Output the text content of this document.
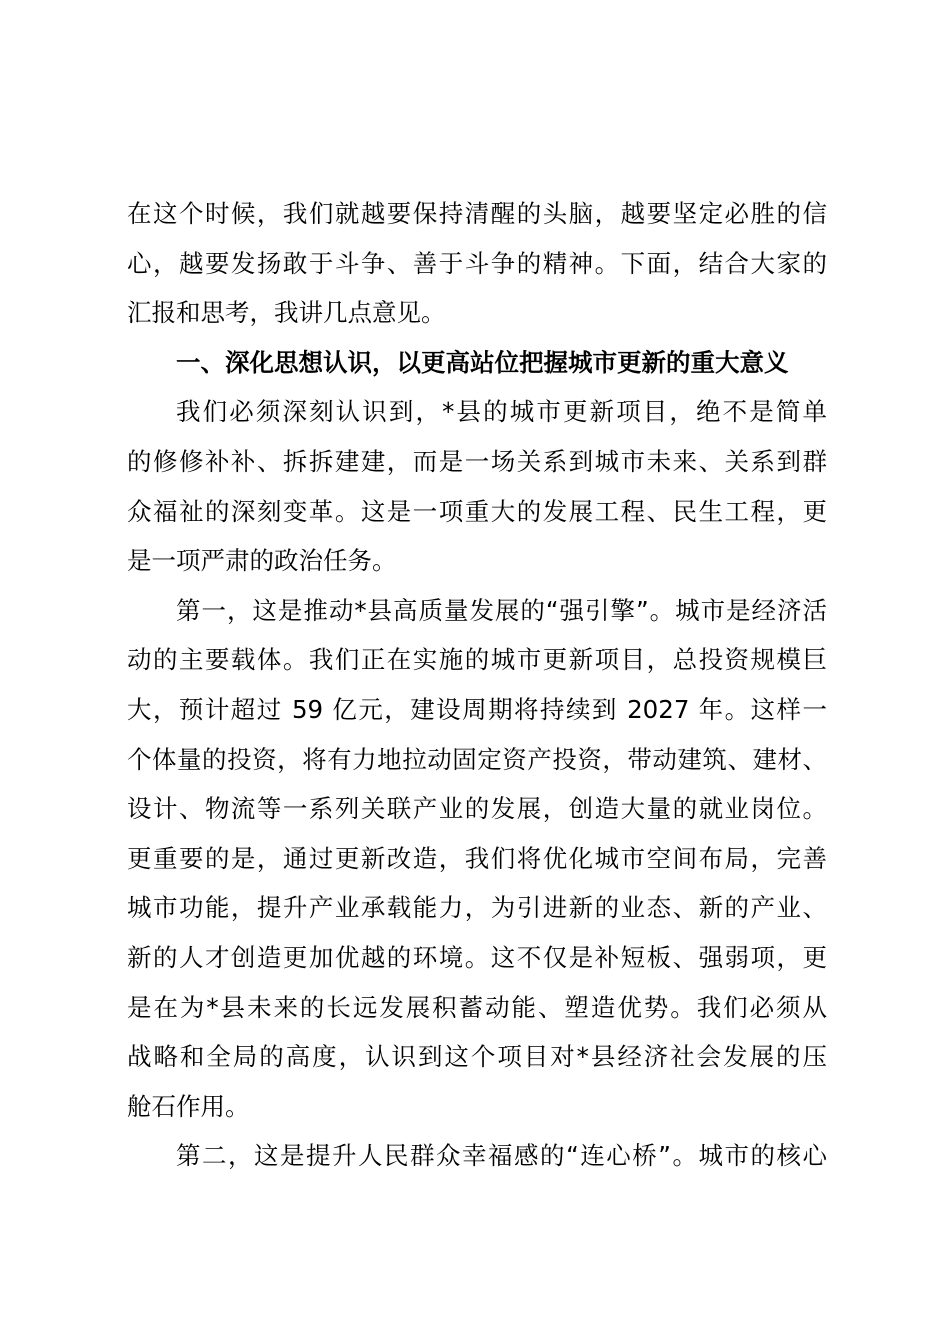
在这个时候，我们就越要保持清醒的头脑，越要坚定必胜的信
心，越要发扬敢于斗争、善于斗争的精神。下面，结合大家的
汇报和思考，我讲几点意见。
一、深化思想认识，以更高站位把握城市更新的重大意义
我们必须深刻认识到，*县的城市更新项目，绝不是简单
的修修补补、拆拆建建，而是一场关系到城市未来、关系到群
众福祉的深刻变革。这是一项重大的发展工程、民生工程，更
是一项严肃的政治任务。
第一，这是推动*县高质量发展的“强引擎”。城市是经济活
动的主要载体。我们正在实施的城市更新项目，总投资规模巨
大，预计超过 59 亿元，建设周期将持续到 2027 年。这样一
个体量的投资，将有力地拉动固定资产投资，带动建筑、建材、
设计、物流等一系列关联产业的发展，创造大量的就业岗位。
更重要的是，通过更新改造，我们将优化城市空间布局，完善
城市功能，提升产业承载能力，为引进新的业态、新的产业、
新的人才创造更加优越的环境。这不仅是补短板、强弱项，更
是在为*县未来的长远发展积蓄动能、塑造优势。我们必须从
战略和全局的高度，认识到这个项目对*县经济社会发展的压
舱石作用。
第二，这是提升人民群众幸福感的“连心桥”。城市的核心
